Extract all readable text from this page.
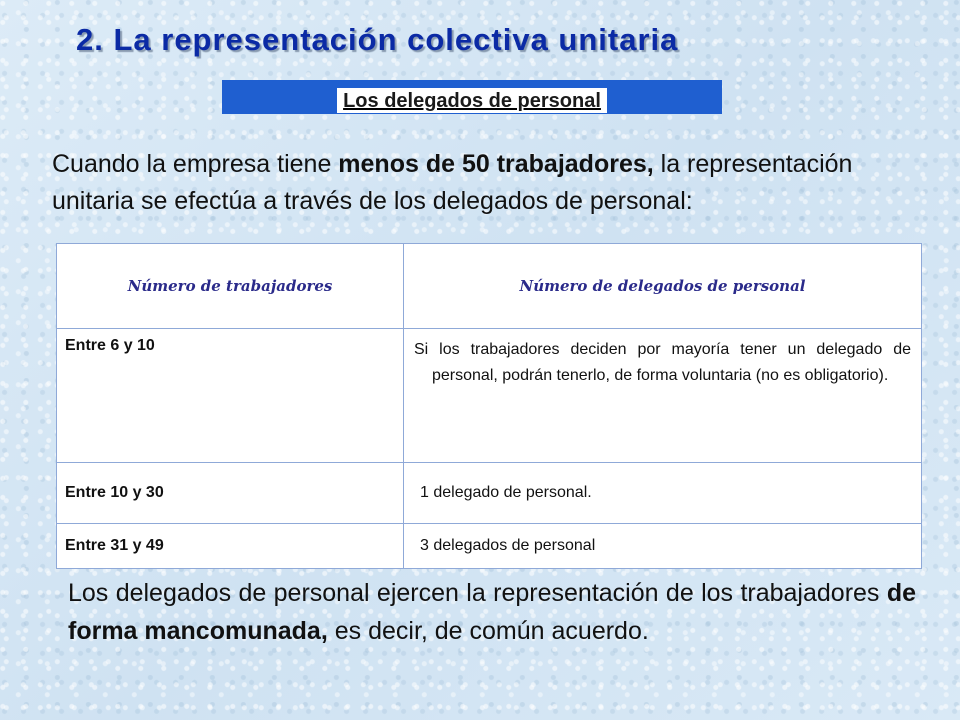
2. La representación colectiva unitaria
Los delegados de personal

Cuando la empresa tiene menos de 50 trabajadores, la representación unitaria se efectúa a través de los delegados de personal:

Número de trabajadores	Número de delegados de personal
Entre 6 y 10	Si los trabajadores deciden por mayoría tener un delegado de personal, podrán tenerlo, de forma voluntaria (no es obligatorio).

Entre 10 y 30	1 delegado de personal.
Entre 31 y 49	3 delegados de personal

Los delegados de personal ejercen la representación de los trabajadores de forma mancomunada, es decir, de común acuerdo.
